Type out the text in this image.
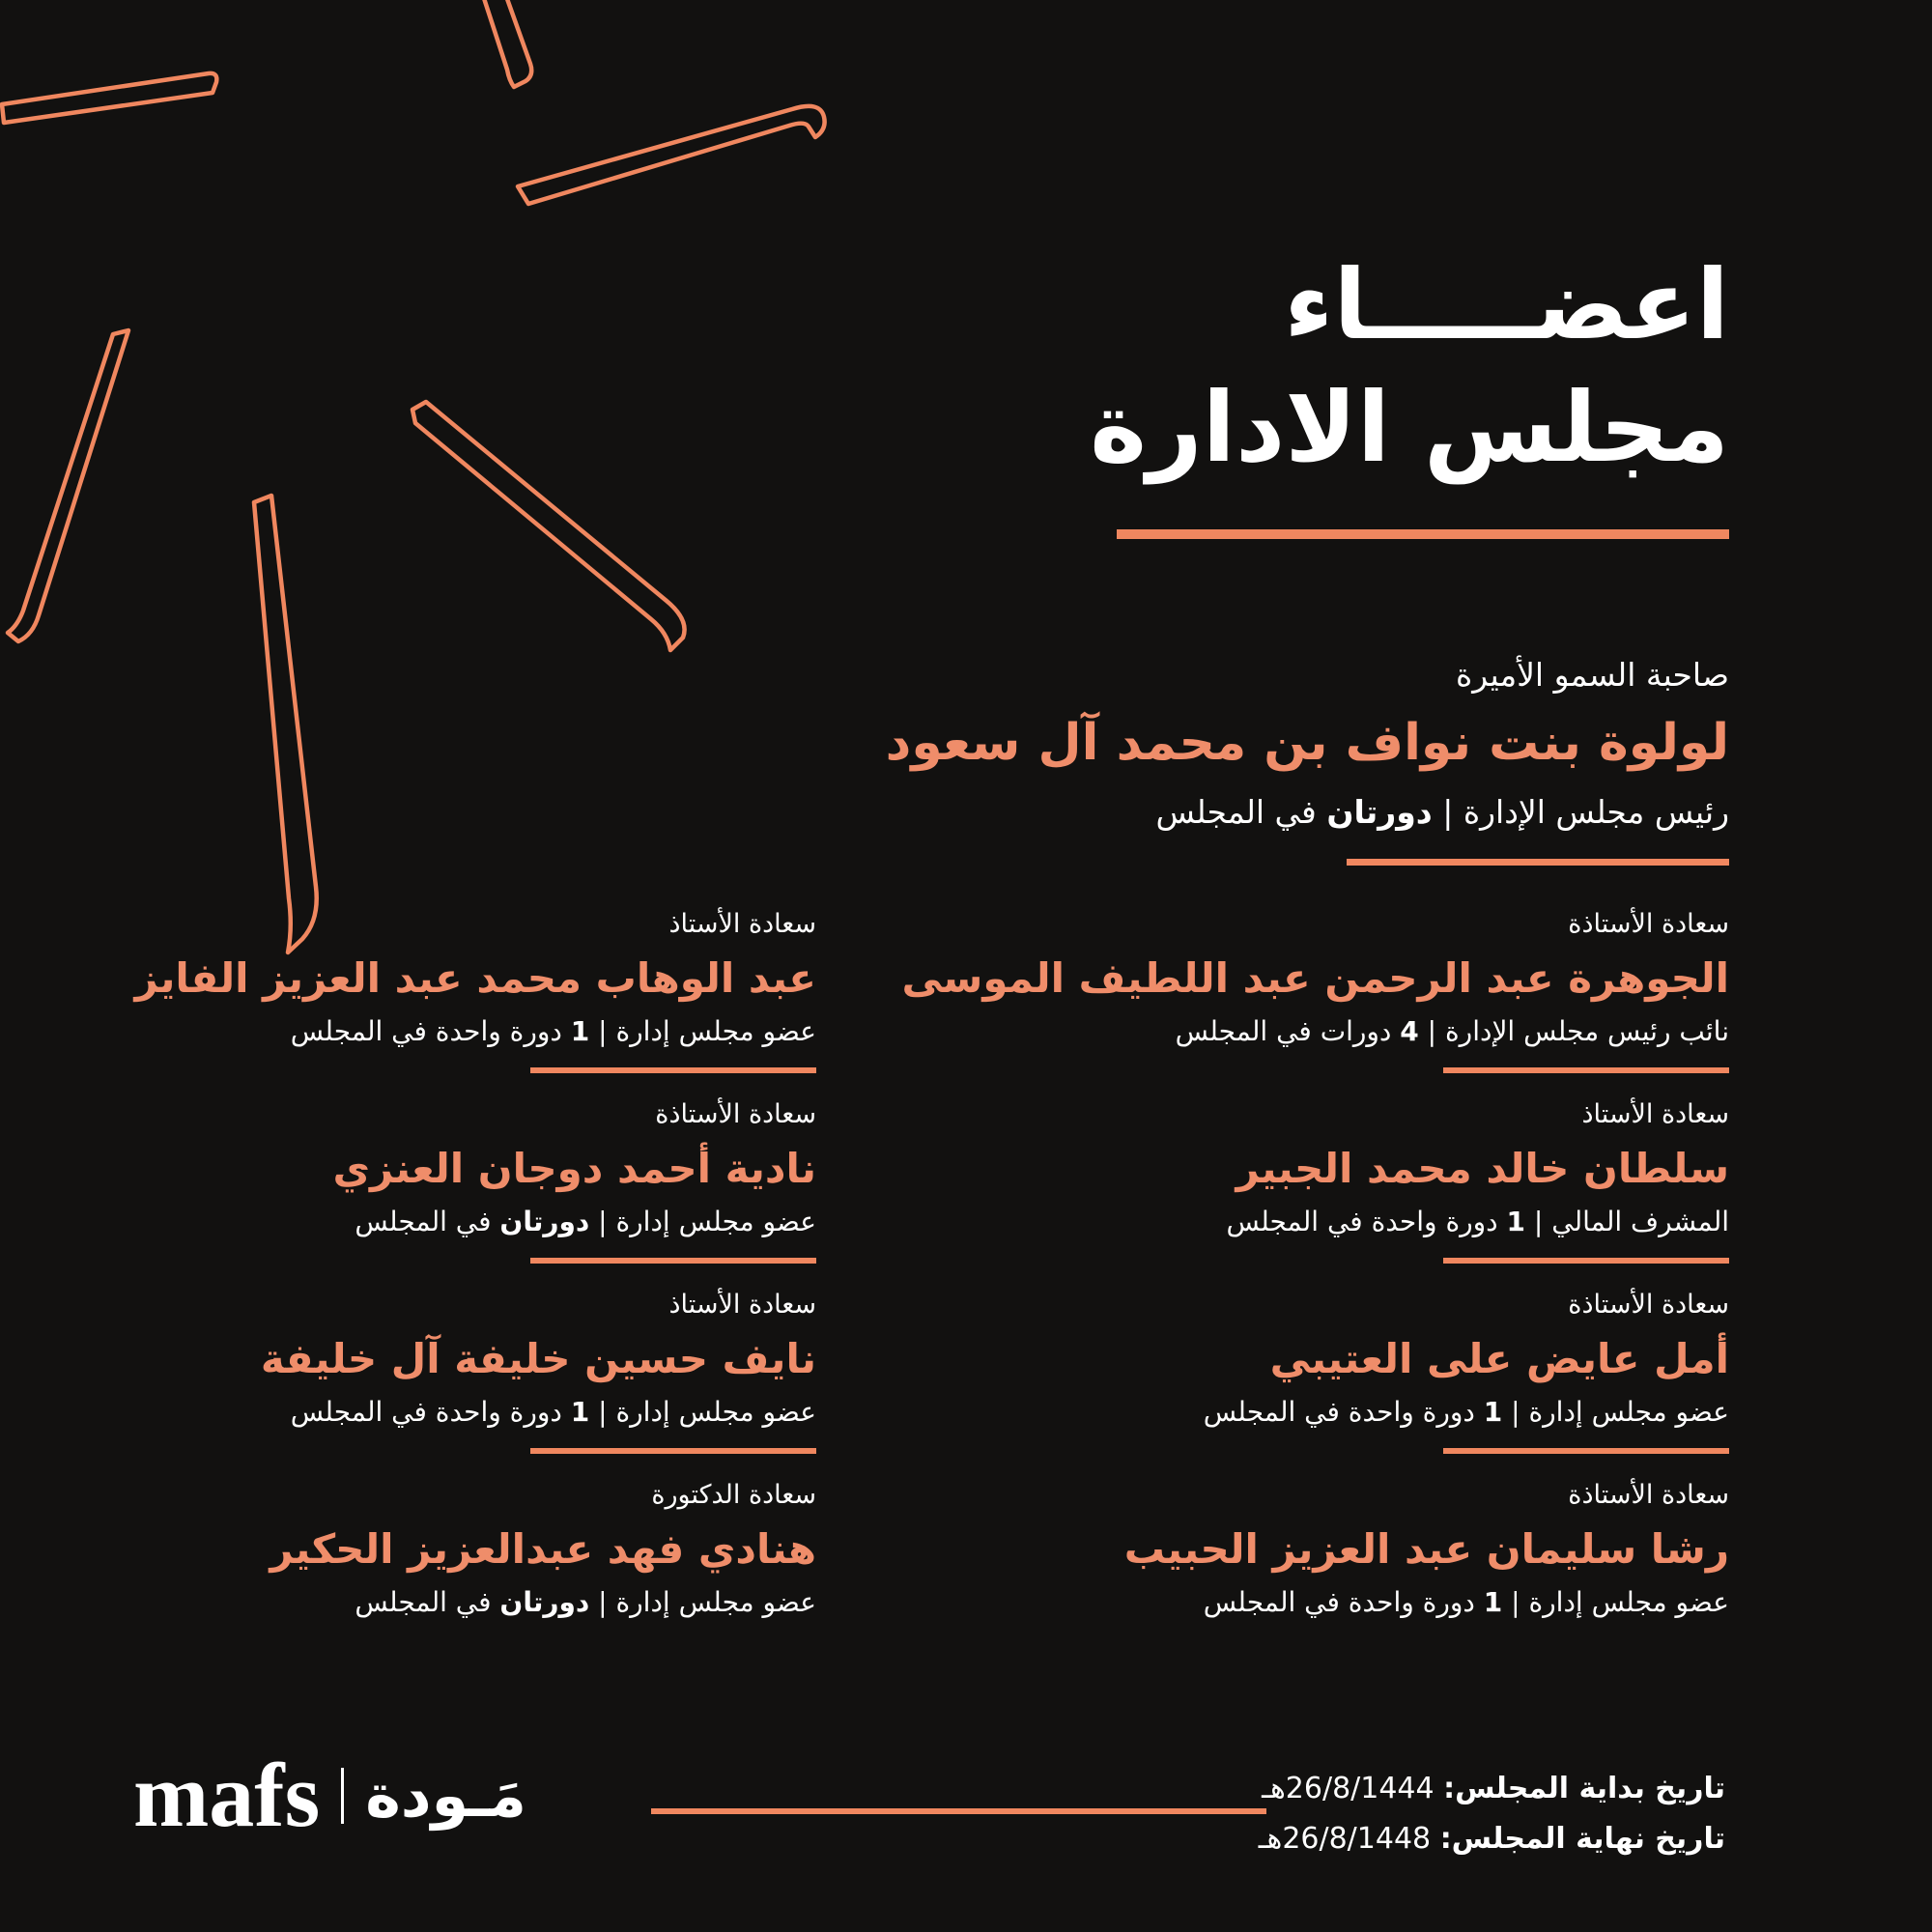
اعضـــــاء
مجلس الادارة
صاحبة السمو الأميرة
لولوة بنت نواف بن محمد آل سعود
رئيس مجلس الإدارة | دورتان في المجلس
سعادة الأستاذة
الجوهرة عبد الرحمن عبد اللطيف الموسى
نائب رئيس مجلس الإدارة | 4 دورات في المجلس
سعادة الأستاذ
سلطان خالد محمد الجبير
المشرف المالي | 1 دورة واحدة في المجلس
سعادة الأستاذة
أمل عايض على العتيبي
عضو مجلس إدارة | 1 دورة واحدة في المجلس
سعادة الأستاذة
رشا سليمان عبد العزيز الحبيب
عضو مجلس إدارة | 1 دورة واحدة في المجلس
سعادة الأستاذ
عبد الوهاب محمد عبد العزيز الفايز
عضو مجلس إدارة | 1 دورة واحدة في المجلس
سعادة الأستاذة
نادية أحمد دوجان العنزي
عضو مجلس إدارة | دورتان في المجلس
سعادة الأستاذ
نايف حسين خليفة آل خليفة
عضو مجلس إدارة | 1 دورة واحدة في المجلس
سعادة الدكتورة
هنادي فهد عبدالعزيز الحكير
عضو مجلس إدارة | دورتان في المجلس
mafs مَـودة	تاريخ بداية المجلس: 26/8/1444هـ
تاريخ نهاية المجلس: 26/8/1448هـ
